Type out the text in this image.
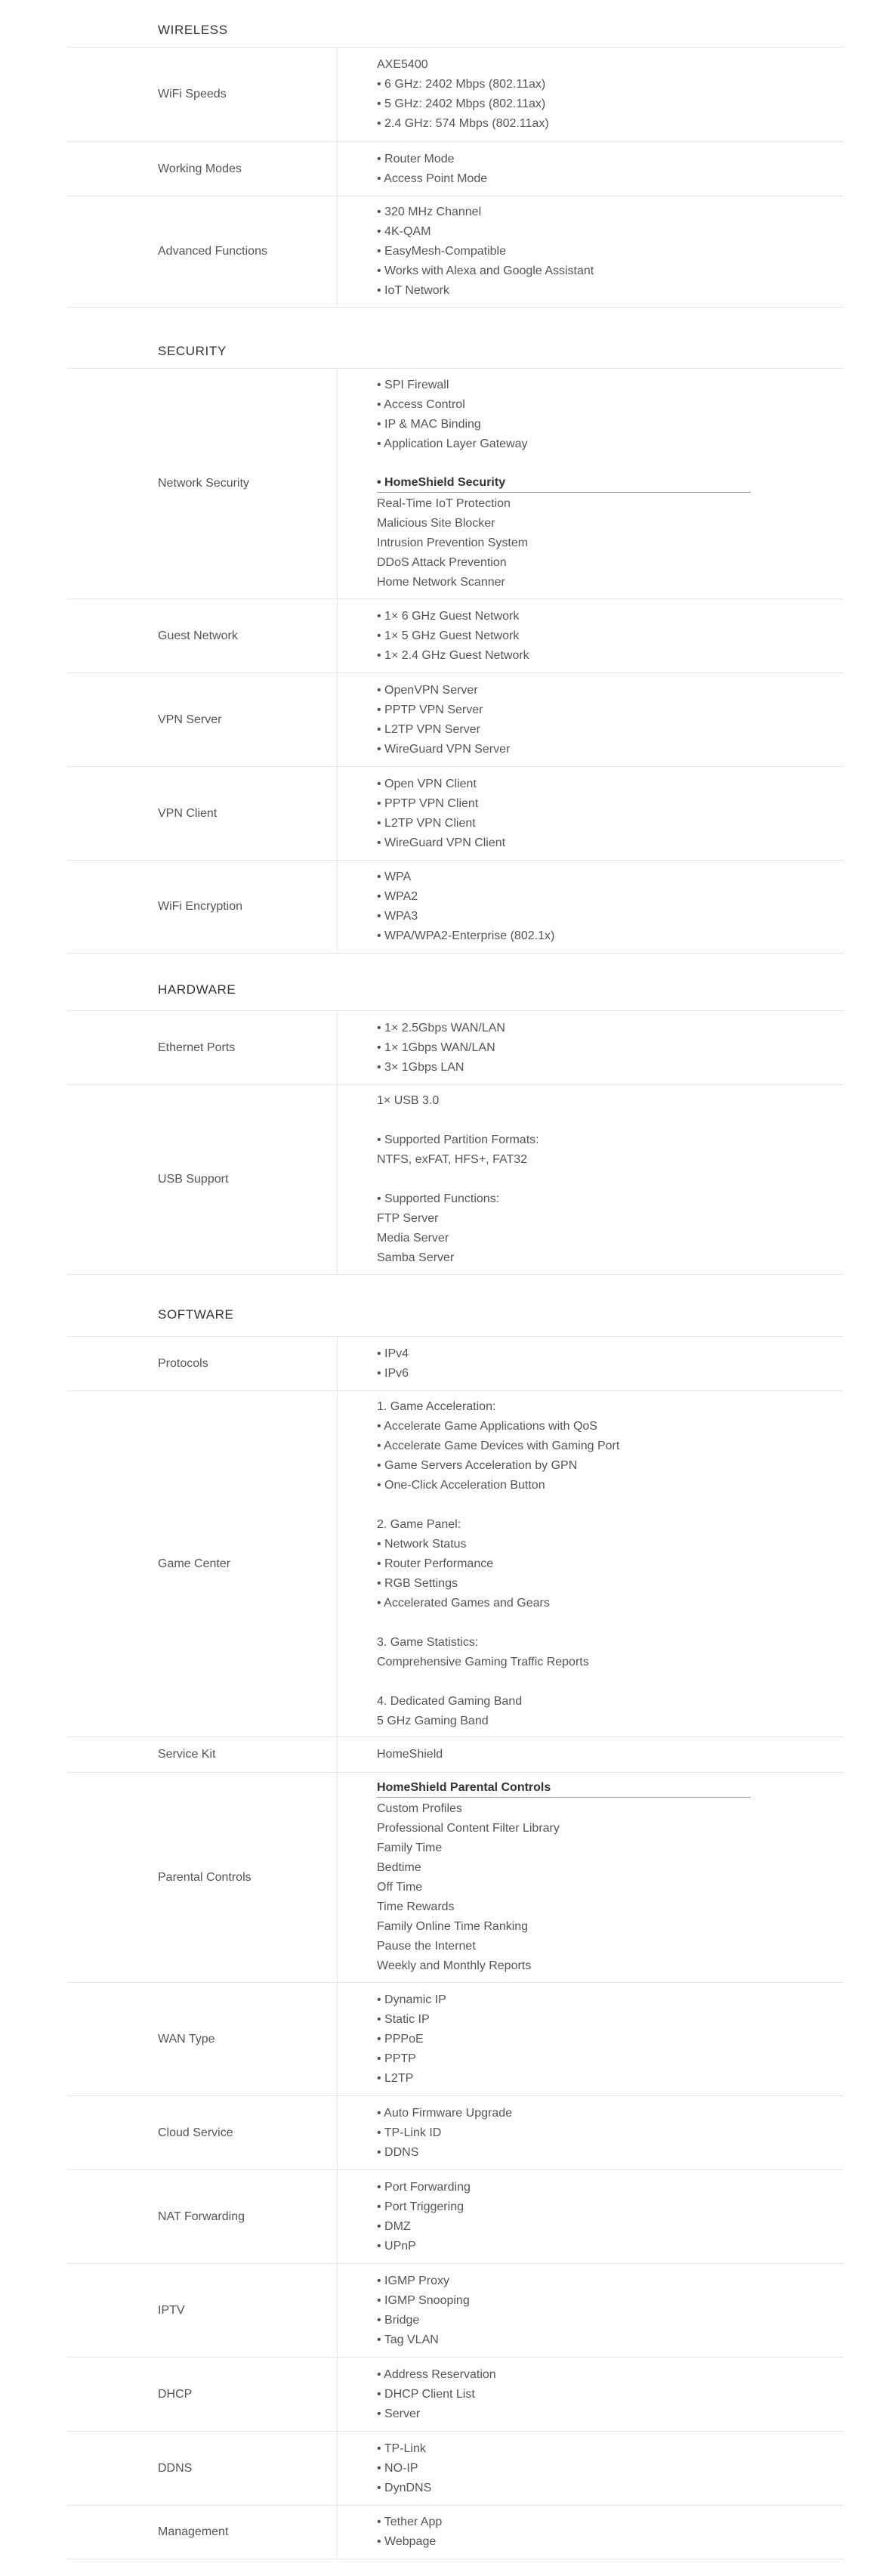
WIRELESS
WiFi Speeds
AXE5400
• 6 GHz: 2402 Mbps (802.11ax)
• 5 GHz: 2402 Mbps (802.11ax)
• 2.4 GHz: 574 Mbps (802.11ax)
Working Modes
• Router Mode
• Access Point Mode
Advanced Functions
• 320 MHz Channel
• 4K-QAM
• EasyMesh-Compatible
• Works with Alexa and Google Assistant
• IoT Network
SECURITY
Network Security
• SPI Firewall
• Access Control
• IP & MAC Binding
• Application Layer Gateway
• HomeShield Security
Real-Time IoT Protection
Malicious Site Blocker
Intrusion Prevention System
DDoS Attack Prevention
Home Network Scanner
Guest Network
• 1× 6 GHz Guest Network
• 1× 5 GHz Guest Network
• 1× 2.4 GHz Guest Network
VPN Server
• OpenVPN Server
• PPTP VPN Server
• L2TP VPN Server
• WireGuard VPN Server
VPN Client
• Open VPN Client
• PPTP VPN Client
• L2TP VPN Client
• WireGuard VPN Client
WiFi Encryption
• WPA
• WPA2
• WPA3
• WPA/WPA2-Enterprise (802.1x)
HARDWARE
Ethernet Ports
• 1× 2.5Gbps WAN/LAN
• 1× 1Gbps WAN/LAN
• 3× 1Gbps LAN
USB Support
1× USB 3.0
• Supported Partition Formats:
NTFS, exFAT, HFS+, FAT32
• Supported Functions:
FTP Server
Media Server
Samba Server
SOFTWARE
Protocols
• IPv4
• IPv6
Game Center
1. Game Acceleration:
• Accelerate Game Applications with QoS
• Accelerate Game Devices with Gaming Port
• Game Servers Acceleration by GPN
• One-Click Acceleration Button
2. Game Panel:
• Network Status
• Router Performance
• RGB Settings
• Accelerated Games and Gears
3. Game Statistics:
Comprehensive Gaming Traffic Reports
4. Dedicated Gaming Band
5 GHz Gaming Band
Service Kit	HomeShield
Parental Controls
HomeShield Parental Controls
Custom Profiles
Professional Content Filter Library
Family Time
Bedtime
Off Time
Time Rewards
Family Online Time Ranking
Pause the Internet
Weekly and Monthly Reports
WAN Type
• Dynamic IP
• Static IP
• PPPoE
• PPTP
• L2TP
Cloud Service
• Auto Firmware Upgrade
• TP-Link ID
• DDNS
NAT Forwarding
• Port Forwarding
• Port Triggering
• DMZ
• UPnP
IPTV
• IGMP Proxy
• IGMP Snooping
• Bridge
• Tag VLAN
DHCP
• Address Reservation
• DHCP Client List
• Server
DDNS
• TP-Link
• NO-IP
• DynDNS
Management
• Tether App
• Webpage
